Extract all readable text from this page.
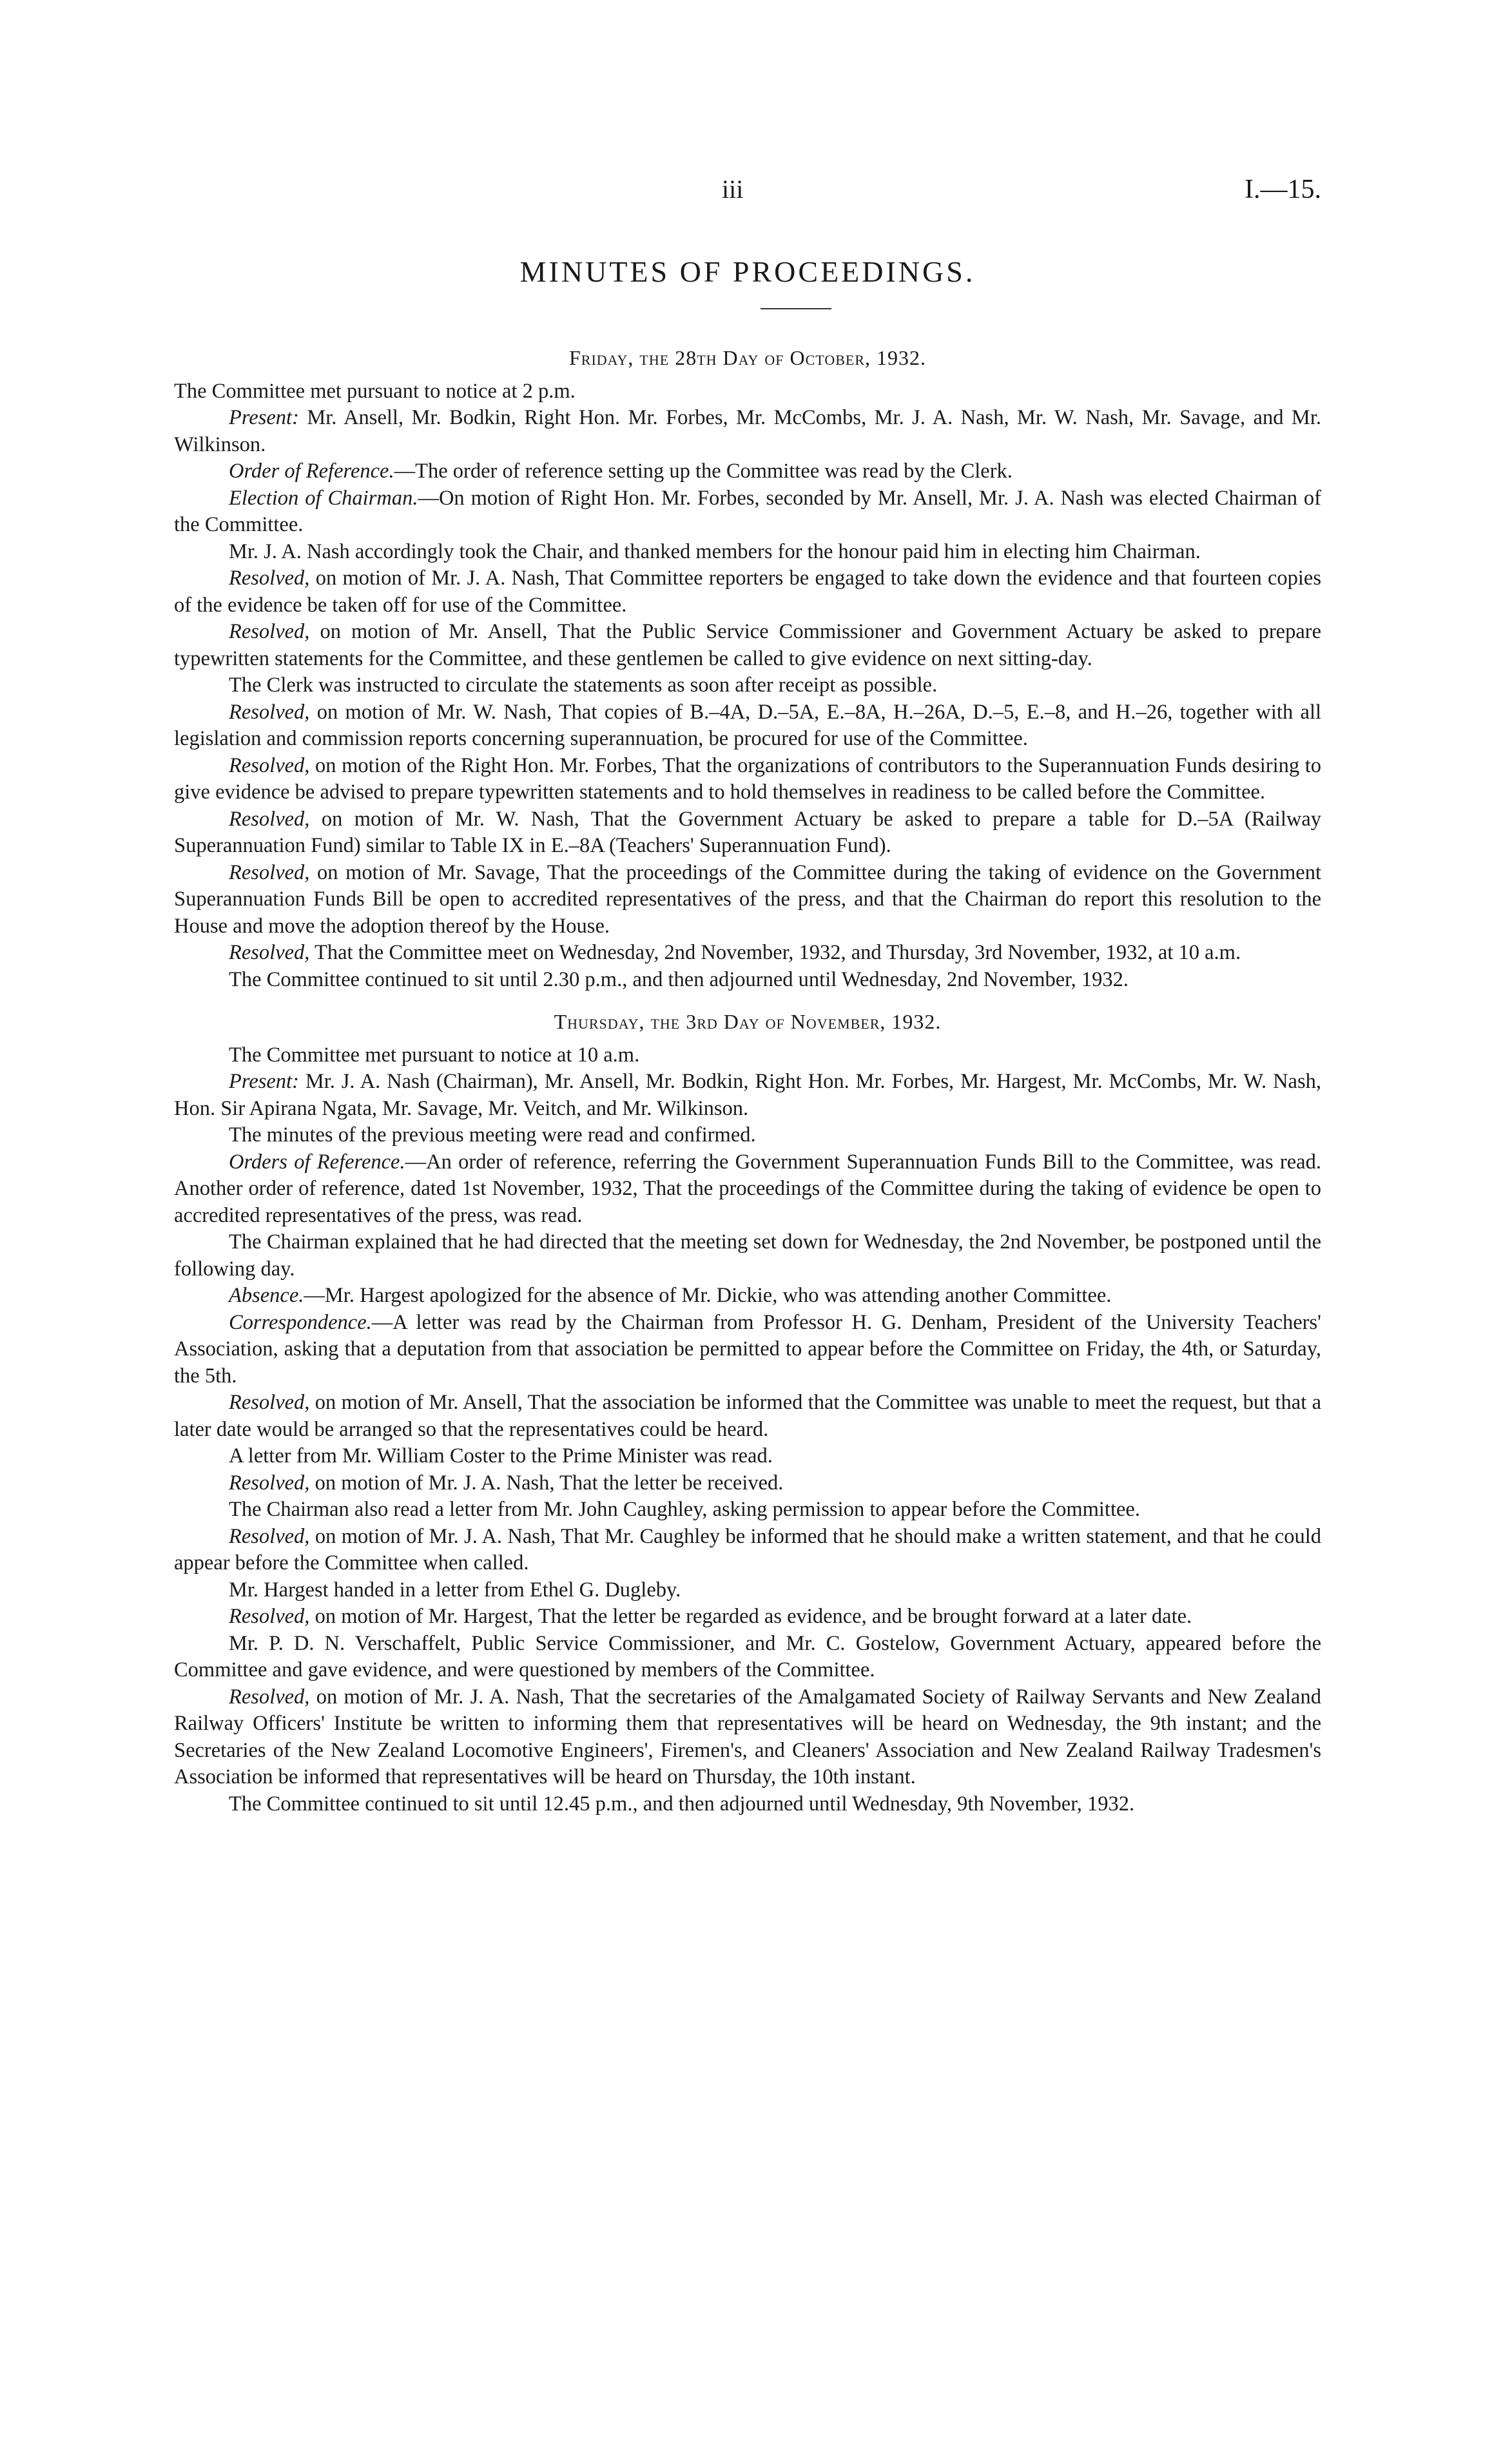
iii	I.—15.
MINUTES OF PROCEEDINGS.
Friday, the 28th Day of October, 1932.

The Committee met pursuant to notice at 2 p.m.

Present: Mr. Ansell, Mr. Bodkin, Right Hon. Mr. Forbes, Mr. McCombs, Mr. J. A. Nash, Mr. W. Nash, Mr. Savage, and Mr. Wilkinson.

Order of Reference.—The order of reference setting up the Committee was read by the Clerk.

Election of Chairman.—On motion of Right Hon. Mr. Forbes, seconded by Mr. Ansell, Mr. J. A. Nash was elected Chairman of the Committee.

Mr. J. A. Nash accordingly took the Chair, and thanked members for the honour paid him in electing him Chairman.

Resolved, on motion of Mr. J. A. Nash, That Committee reporters be engaged to take down the evidence and that fourteen copies of the evidence be taken off for use of the Committee.

Resolved, on motion of Mr. Ansell, That the Public Service Commissioner and Government Actuary be asked to prepare typewritten statements for the Committee, and these gentlemen be called to give evidence on next sitting-day.

The Clerk was instructed to circulate the statements as soon after receipt as possible.

Resolved, on motion of Mr. W. Nash, That copies of B.–4A, D.–5A, E.–8A, H.–26A, D.–5, E.–8, and H.–26, together with all legislation and commission reports concerning superannuation, be procured for use of the Committee.

Resolved, on motion of the Right Hon. Mr. Forbes, That the organizations of contributors to the Superannuation Funds desiring to give evidence be advised to prepare typewritten statements and to hold themselves in readiness to be called before the Committee.

Resolved, on motion of Mr. W. Nash, That the Government Actuary be asked to prepare a table for D.–5A (Railway Superannuation Fund) similar to Table IX in E.–8A (Teachers' Superannuation Fund).

Resolved, on motion of Mr. Savage, That the proceedings of the Committee during the taking of evidence on the Government Superannuation Funds Bill be open to accredited representatives of the press, and that the Chairman do report this resolution to the House and move the adoption thereof by the House.

Resolved, That the Committee meet on Wednesday, 2nd November, 1932, and Thursday, 3rd November, 1932, at 10 a.m.

The Committee continued to sit until 2.30 p.m., and then adjourned until Wednesday, 2nd November, 1932.

Thursday, the 3rd Day of November, 1932.

The Committee met pursuant to notice at 10 a.m.

Present: Mr. J. A. Nash (Chairman), Mr. Ansell, Mr. Bodkin, Right Hon. Mr. Forbes, Mr. Hargest, Mr. McCombs, Mr. W. Nash, Hon. Sir Apirana Ngata, Mr. Savage, Mr. Veitch, and Mr. Wilkinson.

The minutes of the previous meeting were read and confirmed.

Orders of Reference.—An order of reference, referring the Government Superannuation Funds Bill to the Committee, was read. Another order of reference, dated 1st November, 1932, That the proceedings of the Committee during the taking of evidence be open to accredited representatives of the press, was read.

The Chairman explained that he had directed that the meeting set down for Wednesday, the 2nd November, be postponed until the following day.

Absence.—Mr. Hargest apologized for the absence of Mr. Dickie, who was attending another Committee.

Correspondence.—A letter was read by the Chairman from Professor H. G. Denham, President of the University Teachers' Association, asking that a deputation from that association be permitted to appear before the Committee on Friday, the 4th, or Saturday, the 5th.

Resolved, on motion of Mr. Ansell, That the association be informed that the Committee was unable to meet the request, but that a later date would be arranged so that the representatives could be heard.

A letter from Mr. William Coster to the Prime Minister was read.

Resolved, on motion of Mr. J. A. Nash, That the letter be received.

The Chairman also read a letter from Mr. John Caughley, asking permission to appear before the Committee.

Resolved, on motion of Mr. J. A. Nash, That Mr. Caughley be informed that he should make a written statement, and that he could appear before the Committee when called.

Mr. Hargest handed in a letter from Ethel G. Dugleby.

Resolved, on motion of Mr. Hargest, That the letter be regarded as evidence, and be brought forward at a later date.

Mr. P. D. N. Verschaffelt, Public Service Commissioner, and Mr. C. Gostelow, Government Actuary, appeared before the Committee and gave evidence, and were questioned by members of the Committee.

Resolved, on motion of Mr. J. A. Nash, That the secretaries of the Amalgamated Society of Railway Servants and New Zealand Railway Officers' Institute be written to informing them that representatives will be heard on Wednesday, the 9th instant; and the Secretaries of the New Zealand Locomotive Engineers', Firemen's, and Cleaners' Association and New Zealand Railway Tradesmen's Association be informed that representatives will be heard on Thursday, the 10th instant.

The Committee continued to sit until 12.45 p.m., and then adjourned until Wednesday, 9th November, 1932.
